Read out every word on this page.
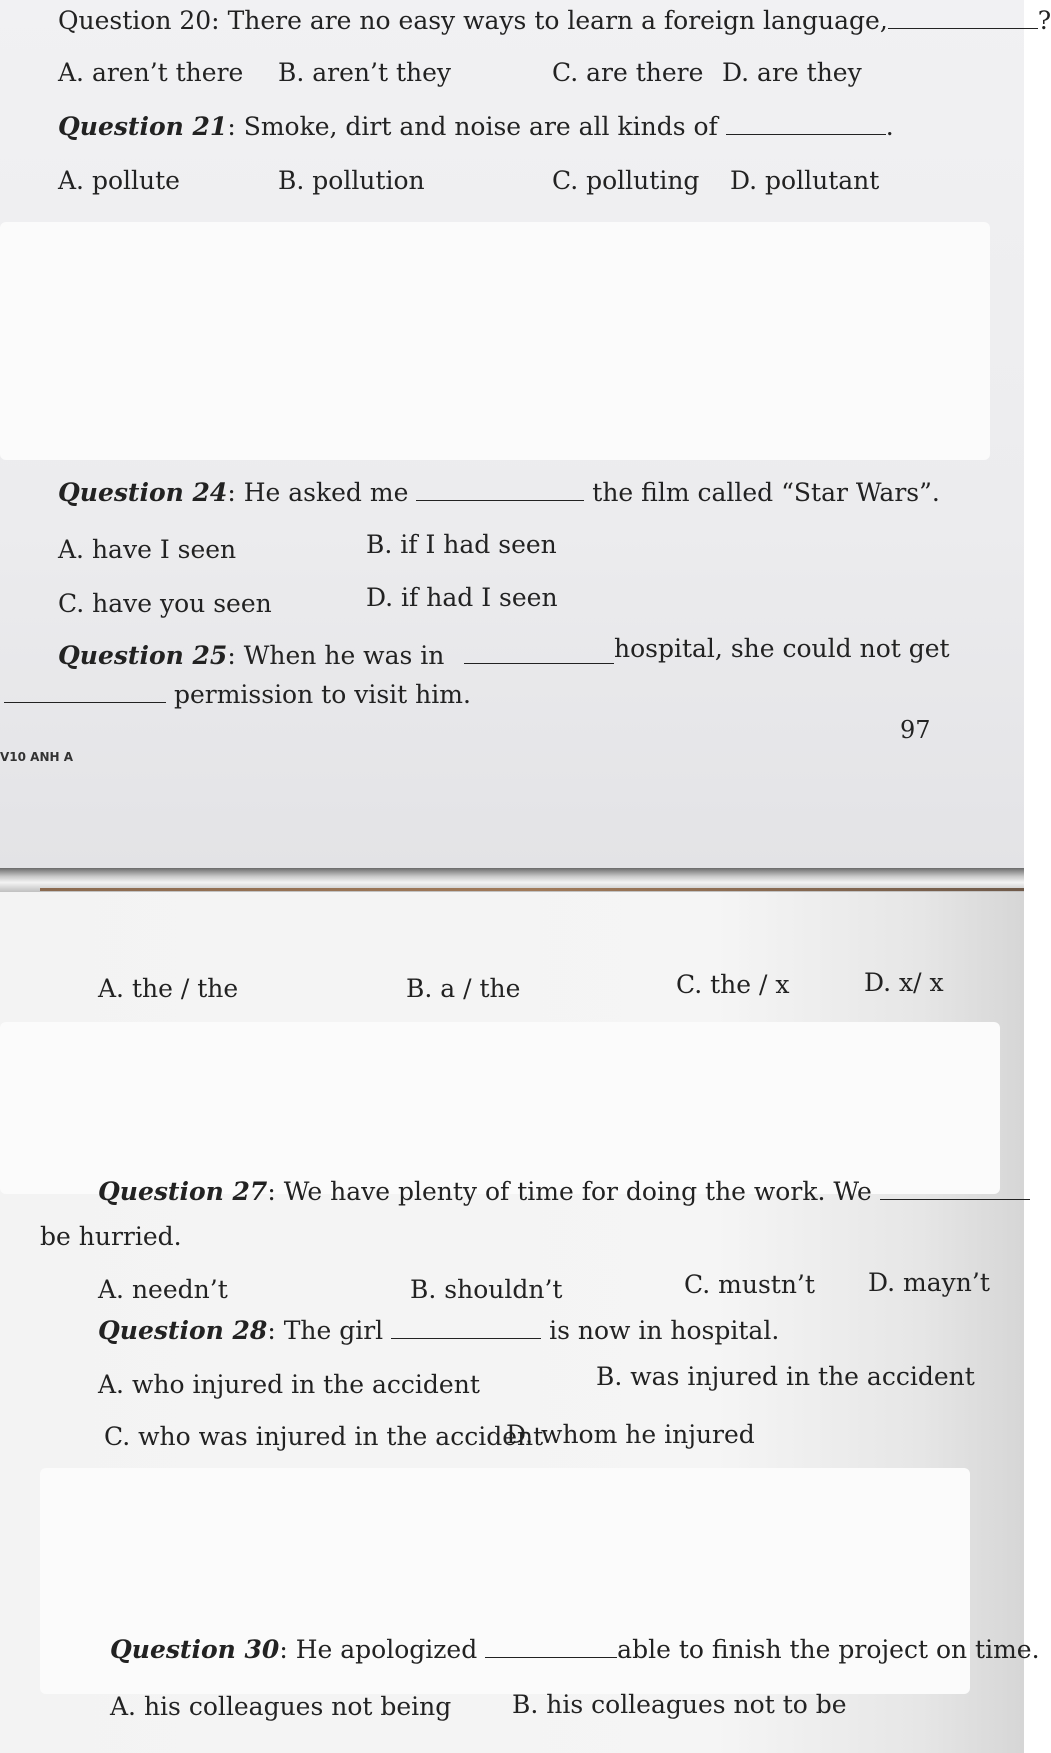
Question 20: There are no easy ways to learn a foreign language,	?
A. aren’t there B. aren’t they	C. are there D. are they
Question 21: Smoke, dirt and noise are all kinds of	.
A. pollute	B. pollution	C. polluting D. pollutant
Question 24: He asked me	the film called “Star Wars”.
A. have I seen	B. if I had seen
C. have you seen	D. if had I seen
Question 25: When he was in	hospital, she could not get
permission to visit him.
97
V10 ANH A
A. the / the	B. a / the	C. the / x	D. x/ x
Question 27: We have plenty of time for doing the work. We
be hurried.
A. needn’t	B. shouldn’t	C. mustn’t D. mayn’t
Question 28: The girl	is now in hospital.
A. who injured in the accident	B. was injured in the accident
C. who was injured in the accident
D. whom he injured
Question 30: He apologized	able to finish the project on time.
A. his colleagues not being B. his colleagues not to be
